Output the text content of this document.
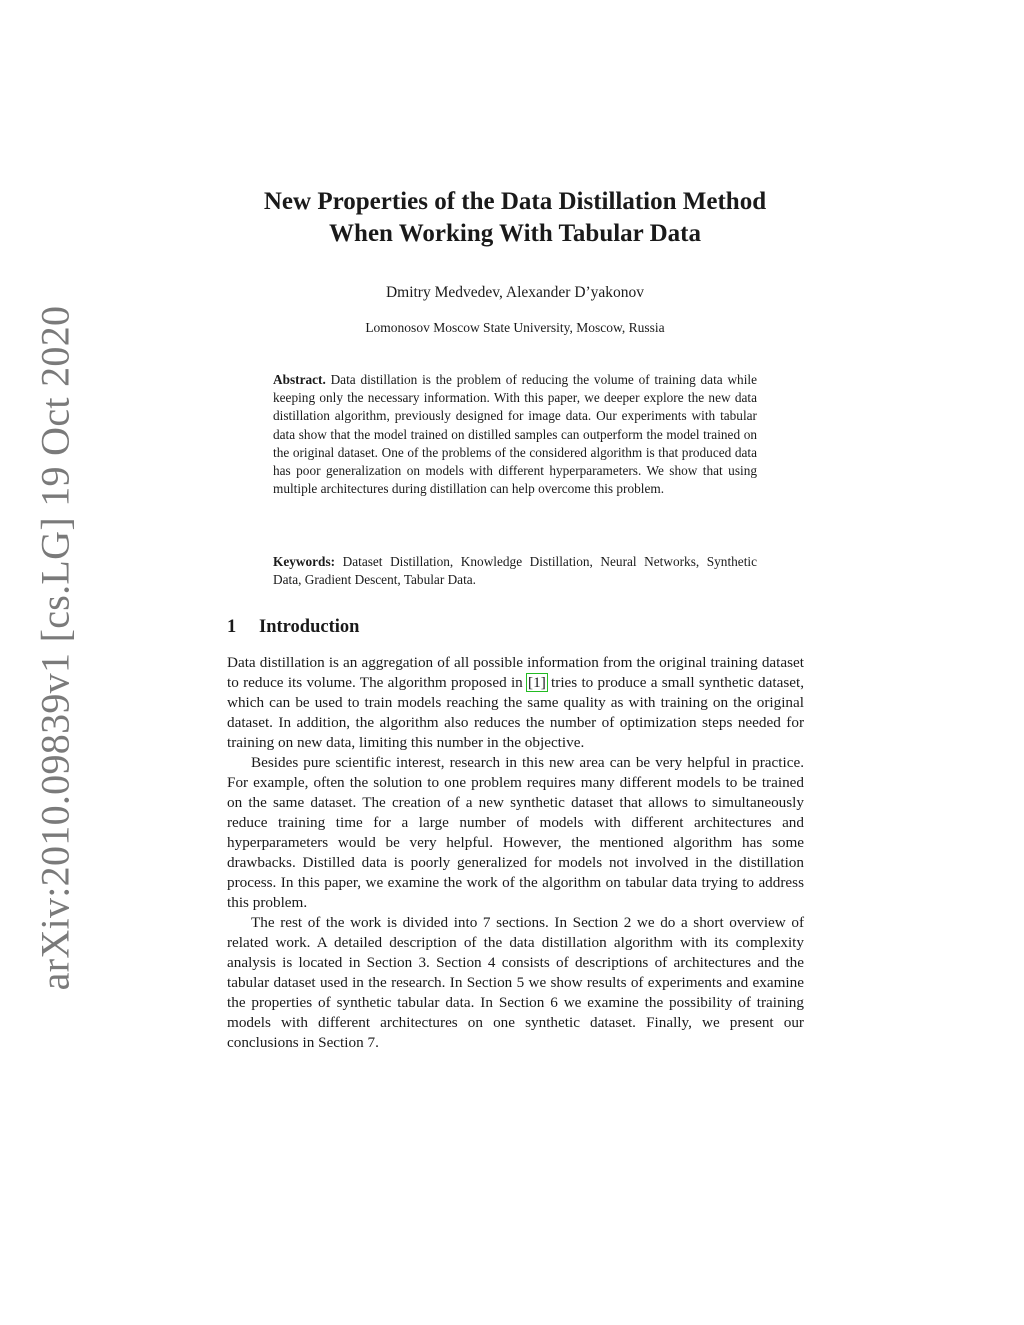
arXiv:2010.09839v1 [cs.LG] 19 Oct 2020
New Properties of the Data Distillation Method
When Working With Tabular Data
Dmitry Medvedev, Alexander D’yakonov
Lomonosov Moscow State University, Moscow, Russia
Abstract. Data distillation is the problem of reducing the volume of training data while keeping only the necessary information. With this paper, we deeper explore the new data distillation algorithm, previously designed for image data. Our experiments with tabular data show that the model trained on distilled samples can outperform the model trained on the original dataset. One of the problems of the considered algorithm is that produced data has poor generalization on models with different hyperparameters. We show that using multiple architectures during distillation can help overcome this problem.
Keywords: Dataset Distillation, Knowledge Distillation, Neural Networks, Synthetic Data, Gradient Descent, Tabular Data.
1 Introduction

Data distillation is an aggregation of all possible information from the original training dataset to reduce its volume. The algorithm proposed in [1] tries to produce a small synthetic dataset, which can be used to train models reaching the same quality as with training on the original dataset. In addition, the algorithm also reduces the number of optimization steps needed for training on new data, limiting this number in the objective.

Besides pure scientific interest, research in this new area can be very helpful in practice. For example, often the solution to one problem requires many different models to be trained on the same dataset. The creation of a new synthetic dataset that allows to simultaneously reduce training time for a large number of models with different architectures and hyperparameters would be very helpful. However, the mentioned algorithm has some drawbacks. Distilled data is poorly generalized for models not involved in the distillation process. In this paper, we examine the work of the algorithm on tabular data trying to address this problem.

The rest of the work is divided into 7 sections. In Section 2 we do a short overview of related work. A detailed description of the data distillation algorithm with its complexity analysis is located in Section 3. Section 4 consists of descriptions of architectures and the tabular dataset used in the research. In Section 5 we show results of experiments and examine the properties of synthetic tabular data. In Section 6 we examine the possibility of training models with different architectures on one synthetic dataset. Finally, we present our conclusions in Section 7.
